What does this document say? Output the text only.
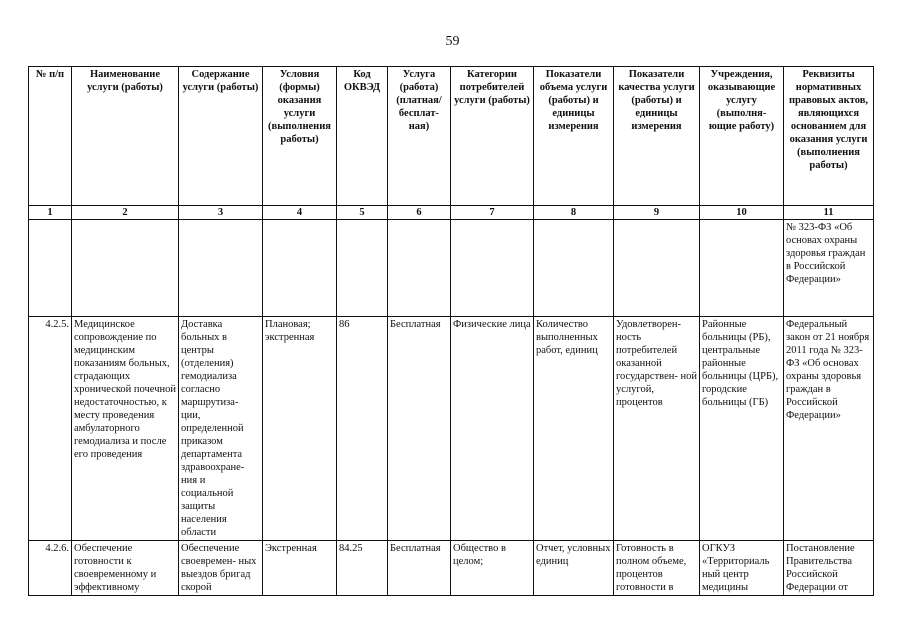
59
№ п/п	Наименование услуги (работы)	Содержание услуги (работы)	Условия (формы) оказания услуги (выполнения работы)	Код ОКВЭД	Услуга (работа) (платная/ бесплат- ная)	Категории потребителей услуги (работы)	Показатели объема услуги (работы) и единицы измерения	Показатели качества услуги (работы) и единицы измерения	Учреждения, оказывающие услугу (выполня- ющие работу)	Реквизиты нормативных правовых актов, являющихся основанием для оказания услуги (выполнения работы)
1	2	3	4	5	6	7	8	9	10	11
										№ 323-ФЗ «Об основах охраны здоровья граждан в Российской Федерации»
4.2.5.	Медицинское сопровождение по медицинским показаниям больных, страдающих хронической почечной недостаточностью, к месту проведения амбулаторного гемодиализа и после его проведения	Доставка больных в центры (отделения) гемодиализа согласно маршрутиза- ции, определенной приказом департамента здравоохране- ния и социальной защиты населения области	Плановая; экстренная	86	Бесплатная	Физические лица	Количество выполненных работ, единиц	Удовлетворен- ность потребителей оказанной государствен- ной услугой, процентов	Районные больницы (РБ), центральные районные больницы (ЦРБ), городские больницы (ГБ)	Федеральный закон от 21 ноября 2011 года № 323-ФЗ «Об основах охраны здоровья граждан в Российской Федерации»
4.2.6.	Обеспечение готовности к своевременному и эффективному	Обеспечение своевремен- ных выездов бригад скорой	Экстренная	84.25	Бесплатная	Общество в целом;	Отчет, условных единиц	Готовность в полном объеме, процентов готовности в	ОГКУЗ «Территориаль ный центр медицины	Постановление Правительства Российской Федерации от
